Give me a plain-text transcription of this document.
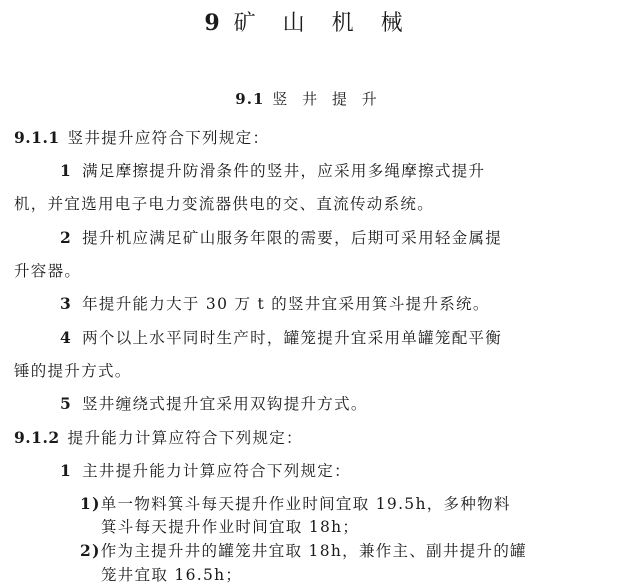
9 矿 山 机 械
9.1 竖 井 提 升
9.1.1 竖井提升应符合下列规定：
1 满足摩擦提升防滑条件的竖井，应采用多绳摩擦式提升
机，并宜选用电子电力变流器供电的交、直流传动系统。
2 提升机应满足矿山服务年限的需要，后期可采用轻金属提
升容器。
3 年提升能力大于 30 万 t 的竖井宜采用箕斗提升系统。
4 两个以上水平同时生产时，罐笼提升宜采用单罐笼配平衡
锤的提升方式。
5 竖井缠绕式提升宜采用双钩提升方式。
9.1.2 提升能力计算应符合下列规定：
1 主井提升能力计算应符合下列规定：
1)单一物料箕斗每天提升作业时间宜取 19.5h，多种物料
箕斗每天提升作业时间宜取 18h；
2)作为主提升井的罐笼井宜取 18h，兼作主、副井提升的罐
笼井宜取 16.5h；
